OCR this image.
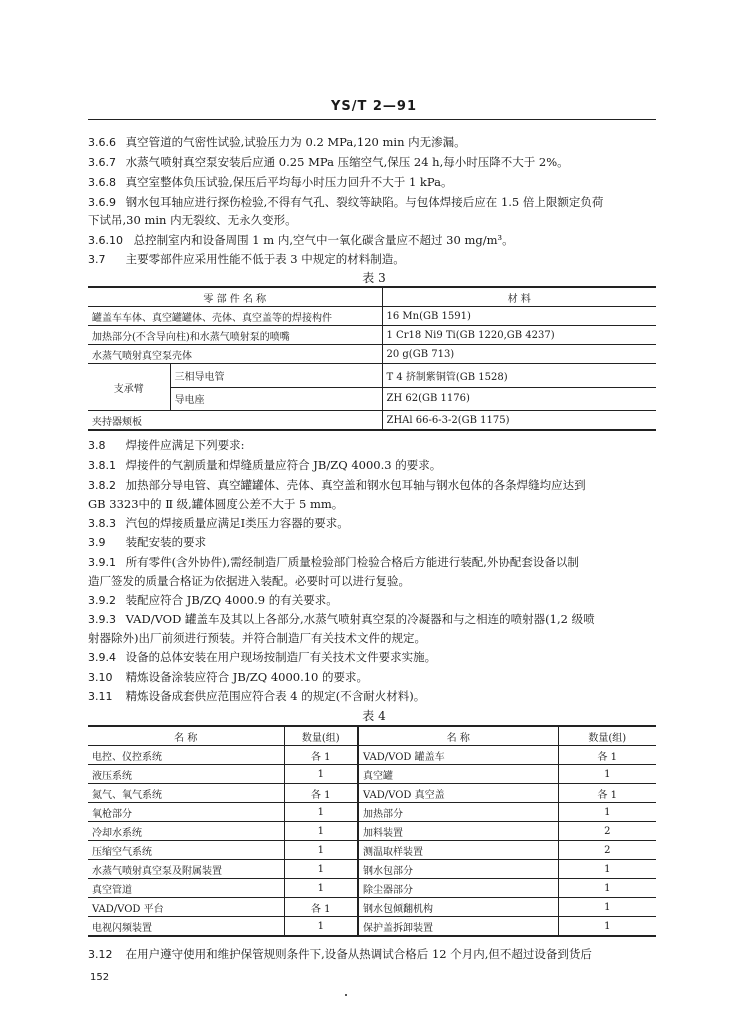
YS/T 2—91
3.6.6 真空管道的气密性试验,试验压力为 0.2 MPa,120 min 内无渗漏。
3.6.7 水蒸气喷射真空泵安装后应通 0.25 MPa 压缩空气,保压 24 h,每小时压降不大于 2%。
3.6.8 真空室整体负压试验,保压后平均每小时压力回升不大于 1 kPa。
3.6.9 钢水包耳轴应进行探伤检验,不得有气孔、裂纹等缺陷。与包体焊接后应在 1.5 倍上限额定负荷
下试吊,30 min 内无裂纹、无永久变形。
3.6.10 总控制室内和设备周围 1 m 内,空气中一氧化碳含量应不超过 30 mg/m³。
3.7 主要零部件应采用性能不低于表 3 中规定的材料制造。
表 3
零 部 件 名 称		材 料
罐盖车车体、真空罐罐体、壳体、真空盖等的焊接构件		16 Mn(GB 1591)
加热部分(不含导向柱)和水蒸气喷射泵的喷嘴		1 Cr18 Ni9 Ti(GB 1220,GB 4237)
水蒸气喷射真空泵壳体		20 g(GB 713)
支承臂	三相导电管	T 4 挤制紫铜管(GB 1528)
	导电座	ZH 62(GB 1176)
夹持器颊板		ZHAl 66-6-3-2(GB 1175)
3.8 焊接件应满足下列要求:
3.8.1 焊接件的气割质量和焊缝质量应符合 JB/ZQ 4000.3 的要求。
3.8.2 加热部分导电管、真空罐罐体、壳体、真空盖和钢水包耳轴与钢水包体的各条焊缝均应达到
GB 3323中的 Ⅱ 级,罐体圆度公差不大于 5 mm。
3.8.3 汽包的焊接质量应满足Ⅰ类压力容器的要求。
3.9 装配安装的要求
3.9.1 所有零件(含外协件),需经制造厂质量检验部门检验合格后方能进行装配,外协配套设备以制
造厂签发的质量合格证为依据进入装配。必要时可以进行复验。
3.9.2 装配应符合 JB/ZQ 4000.9 的有关要求。
3.9.3 VAD/VOD 罐盖车及其以上各部分,水蒸气喷射真空泵的冷凝器和与之相连的喷射器(1,2 级喷
射器除外)出厂前须进行预装。并符合制造厂有关技术文件的规定。
3.9.4 设备的总体安装在用户现场按制造厂有关技术文件要求实施。
3.10 精炼设备涂装应符合 JB/ZQ 4000.10 的要求。
3.11 精炼设备成套供应范围应符合表 4 的规定(不含耐火材料)。
表 4
名 称	数量(组)	名 称	数量(组)
电控、仪控系统	各 1	VAD/VOD 罐盖车	各 1
液压系统	1	真空罐	1
氮气、氧气系统	各 1	VAD/VOD 真空盖	各 1
氧枪部分	1	加热部分	1
冷却水系统	1	加料装置	2
压缩空气系统	1	测温取样装置	2
水蒸气喷射真空泵及附属装置	1	钢水包部分	1
真空管道	1	除尘器部分	1
VAD/VOD 平台	各 1	钢水包倾翻机构	1
电视闪频装置	1	保护盖拆卸装置	1
3.12 在用户遵守使用和维护保管规则条件下,设备从热调试合格后 12 个月内,但不超过设备到货后
152
